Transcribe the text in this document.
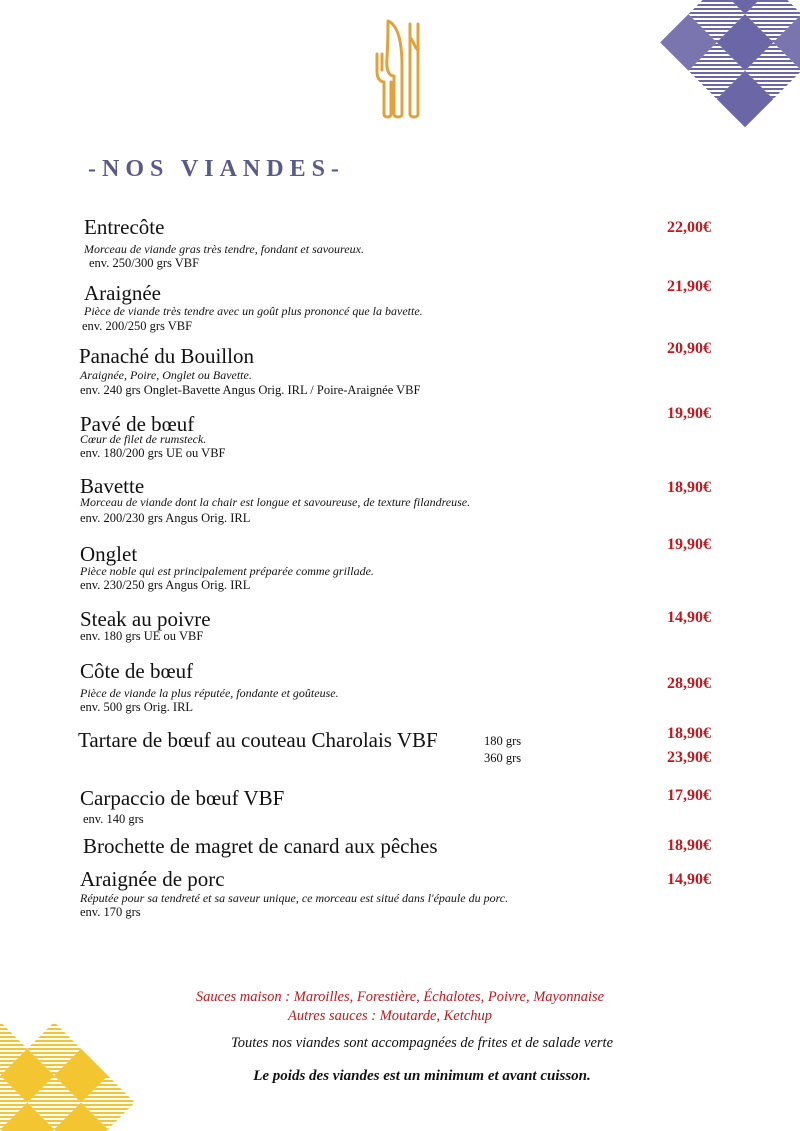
-NOS VIANDES-
Entrecôte
Morceau de viande gras très tendre, fondant et savoureux.
env. 250/300 grs VBF
22,00€
Araignée
Pièce de viande très tendre avec un goût plus prononcé que la bavette.
env. 200/250 grs VBF
21,90€
Panaché du Bouillon
Araignée, Poire, Onglet ou Bavette.
env. 240 grs Onglet-Bavette Angus Orig. IRL / Poire-Araignée VBF
20,90€
Pavé de bœuf
Cœur de filet de rumsteck.
env. 180/200 grs UE ou VBF
19,90€
Bavette
Morceau de viande dont la chair est longue et savoureuse, de texture filandreuse.
env. 200/230 grs Angus Orig. IRL
18,90€
Onglet
Pièce noble qui est principalement préparée comme grillade.
env. 230/250 grs Angus Orig. IRL
19,90€
Steak au poivre
env. 180 grs UE ou VBF
14,90€
Côte de bœuf
Pièce de viande la plus réputée, fondante et goûteuse.
env. 500 grs Orig. IRL
28,90€
Tartare de bœuf au couteau Charolais VBF	180 grs
360 grs
18,90€
23,90€
Carpaccio de bœuf VBF
env. 140 grs
17,90€
Brochette de magret de canard aux pêches	18,90€
Araignée de porc
Réputée pour sa tendreté et sa saveur unique, ce morceau est situé dans l'épaule du porc.
env. 170 grs
14,90€
Sauces maison : Maroilles, Forestière, Échalotes, Poivre, Mayonnaise
Autres sauces : Moutarde, Ketchup
Toutes nos viandes sont accompagnées de frites et de salade verte
Le poids des viandes est un minimum et avant cuisson.
